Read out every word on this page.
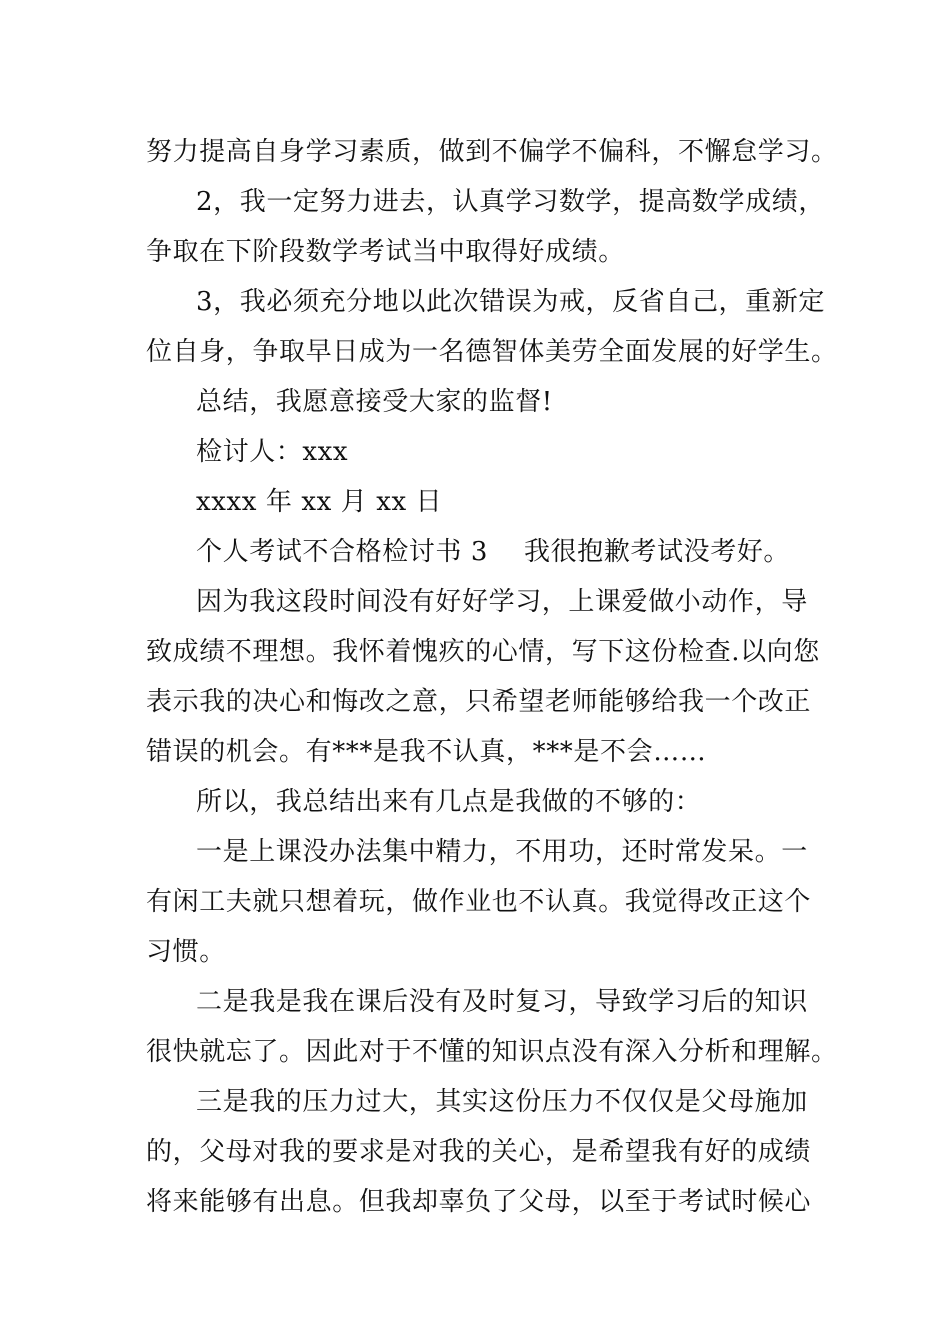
努力提高自身学习素质，做到不偏学不偏科，不懈怠学习。
2，我一定努力进去，认真学习数学，提高数学成绩，
争取在下阶段数学考试当中取得好成绩。
3，我必须充分地以此次错误为戒，反省自己，重新定
位自身，争取早日成为一名德智体美劳全面发展的好学生。
总结，我愿意接受大家的监督!
检讨人：xxx
xxxx 年 xx 月 xx 日
个人考试不合格检讨书 3 我很抱歉考试没考好。
因为我这段时间没有好好学习，上课爱做小动作，导
致成绩不理想。我怀着愧疚的心情，写下这份检查.以向您
表示我的决心和悔改之意，只希望老师能够给我一个改正
错误的机会。有***是我不认真，***是不会……
所以，我总结出来有几点是我做的不够的：
一是上课没办法集中精力，不用功，还时常发呆。一
有闲工夫就只想着玩，做作业也不认真。我觉得改正这个
习惯。
二是我是我在课后没有及时复习，导致学习后的知识
很快就忘了。因此对于不懂的知识点没有深入分析和理解。
三是我的压力过大，其实这份压力不仅仅是父母施加
的，父母对我的要求是对我的关心，是希望我有好的成绩
将来能够有出息。但我却辜负了父母，以至于考试时候心
